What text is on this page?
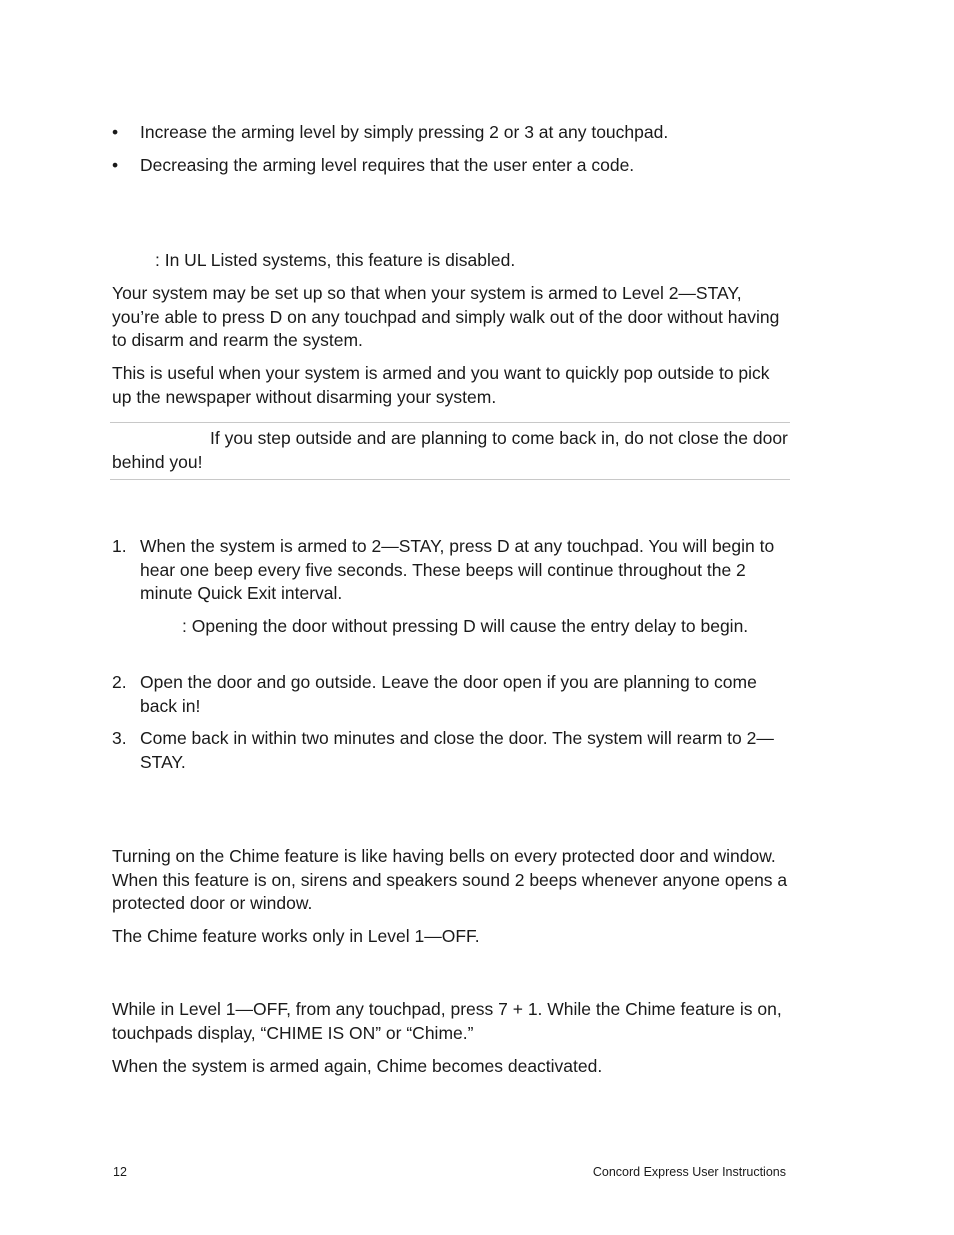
• Increase the arming level by simply pressing 2 or 3 at any touchpad.
• Decreasing the arming level requires that the user enter a code.
: In UL Listed systems, this feature is disabled.
Your system may be set up so that when your system is armed to Level 2—STAY, you’re able to press D on any touchpad and simply walk out of the door without having to disarm and rearm the system.
This is useful when your system is armed and you want to quickly pop outside to pick up the newspaper without disarming your system.
If you step outside and are planning to come back in, do not close the door behind you!
1. When the system is armed to 2—STAY, press D at any touchpad. You will begin to hear one beep every five seconds. These beeps will continue throughout the 2 minute Quick Exit interval.
: Opening the door without pressing D will cause the entry delay to begin.
2. Open the door and go outside. Leave the door open if you are planning to come back in!
3. Come back in within two minutes and close the door. The system will rearm to 2—STAY.
Turning on the Chime feature is like having bells on every protected door and window. When this feature is on, sirens and speakers sound 2 beeps whenever anyone opens a protected door or window.
The Chime feature works only in Level 1—OFF.
While in Level 1—OFF, from any touchpad, press 7 + 1. While the Chime feature is on, touchpads display, “CHIME IS ON” or “Chime.”
When the system is armed again, Chime becomes deactivated.
12	Concord Express User Instructions
